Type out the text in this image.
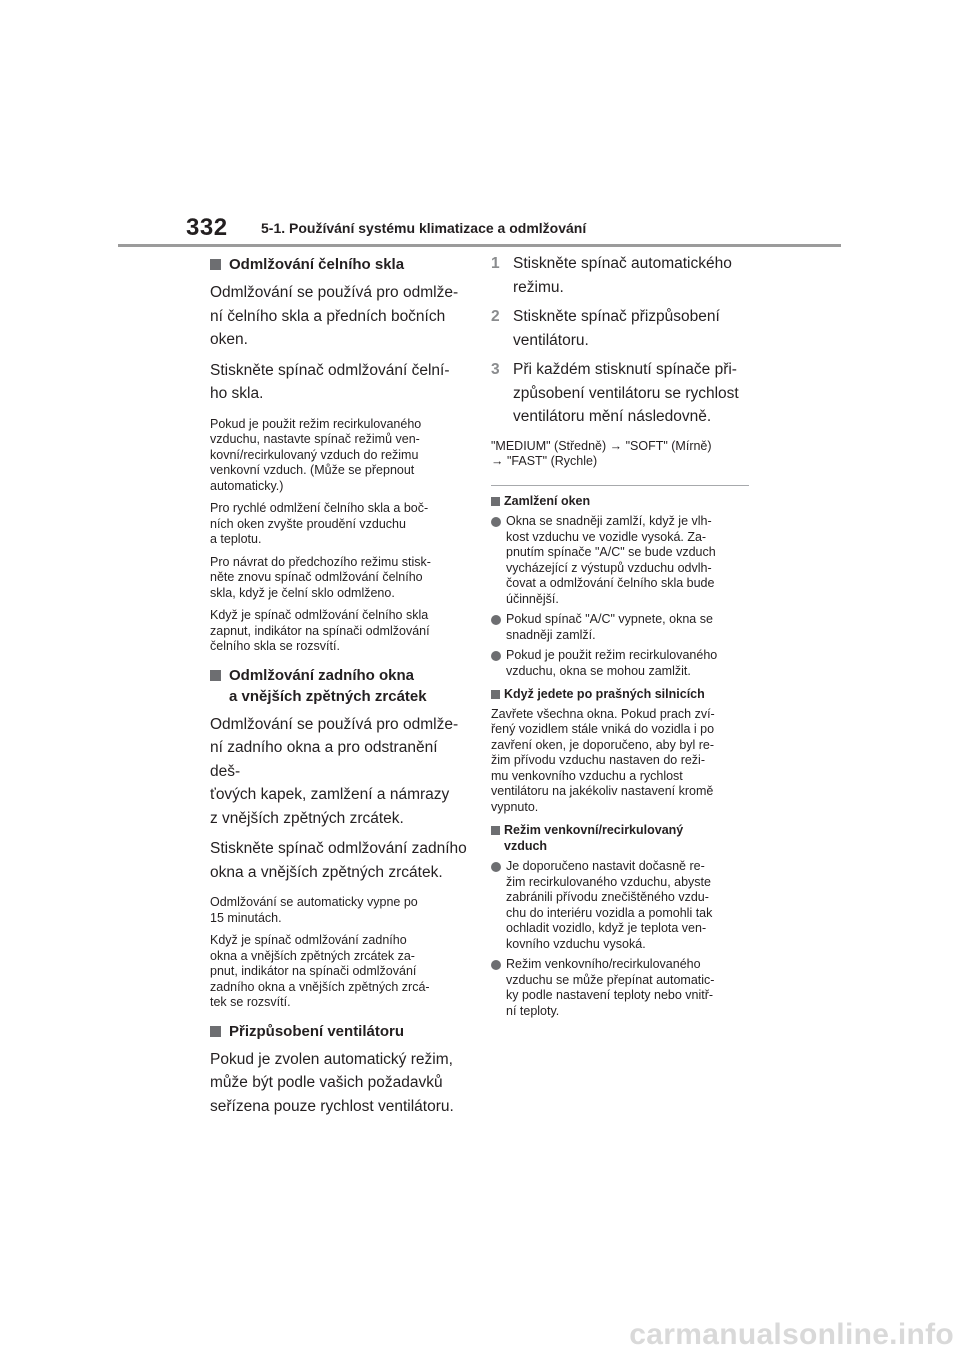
332 5-1. Používání systému klimatizace a odmlžování
Odmlžování čelního skla

Odmlžování se používá pro odmlže-
ní čelního skla a předních bočních
oken.

Stiskněte spínač odmlžování čelní-
ho skla.

Pokud je použit režim recirkulovaného
vzduchu, nastavte spínač režimů ven-
kovní/recirkulovaný vzduch do režimu
venkovní vzduch. (Může se přepnout
automaticky.)

Pro rychlé odmlžení čelního skla a boč-
ních oken zvyšte proudění vzduchu
a teplotu.

Pro návrat do předchozího režimu stisk-
něte znovu spínač odmlžování čelního
skla, když je čelní sklo odmlženo.

Když je spínač odmlžování čelního skla
zapnut, indikátor na spínači odmlžování
čelního skla se rozsvítí.

Odmlžování zadního okna
a vnějších zpětných zrcátek

Odmlžování se používá pro odmlže-
ní zadního okna a pro odstranění deš-
ťových kapek, zamlžení a námrazy
z vnějších zpětných zrcátek.

Stiskněte spínač odmlžování zadního
okna a vnějších zpětných zrcátek.

Odmlžování se automaticky vypne po
15 minutách.

Když je spínač odmlžování zadního
okna a vnějších zpětných zrcátek za-
pnut, indikátor na spínači odmlžování
zadního okna a vnějších zpětných zrcá-
tek se rozsvítí.

Přizpůsobení ventilátoru

Pokud je zvolen automatický režim,
může být podle vašich požadavků
seřízena pouze rychlost ventilátoru.

1 Stiskněte spínač automatického
režimu.

2 Stiskněte spínač přizpůsobení
ventilátoru.

3 Při každém stisknutí spínače při-
způsobení ventilátoru se rychlost
ventilátoru mění následovně.

"MEDIUM" (Středně) → "SOFT" (Mírně)
→ "FAST" (Rychle)

Zamlžení oken

Okna se snadněji zamlží, když je vlh-
kost vzduchu ve vozidle vysoká. Za-
pnutím spínače "A/C" se bude vzduch
vycházející z výstupů vzduchu odvlh-
čovat a odmlžování čelního skla bude
účinnější.

Pokud spínač "A/C" vypnete, okna se
snadněji zamlží.

Pokud je použit režim recirkulovaného
vzduchu, okna se mohou zamlžit.

Když jedete po prašných silnicích

Zavřete všechna okna. Pokud prach zví-
řený vozidlem stále vniká do vozidla i po
zavření oken, je doporučeno, aby byl re-
žim přívodu vzduchu nastaven do reži-
mu venkovního vzduchu a rychlost
ventilátoru na jakékoliv nastavení kromě
vypnuto.

Režim venkovní/recirkulovaný
vzduch

Je doporučeno nastavit dočasně re-
žim recirkulovaného vzduchu, abyste
zabránili přívodu znečištěného vzdu-
chu do interiéru vozidla a pomohli tak
ochladit vozidlo, když je teplota ven-
kovního vzduchu vysoká.

Režim venkovního/recirkulovaného
vzduchu se může přepínat automatic-
ky podle nastavení teploty nebo vnitř-
ní teploty.

carmanualsonline.info
